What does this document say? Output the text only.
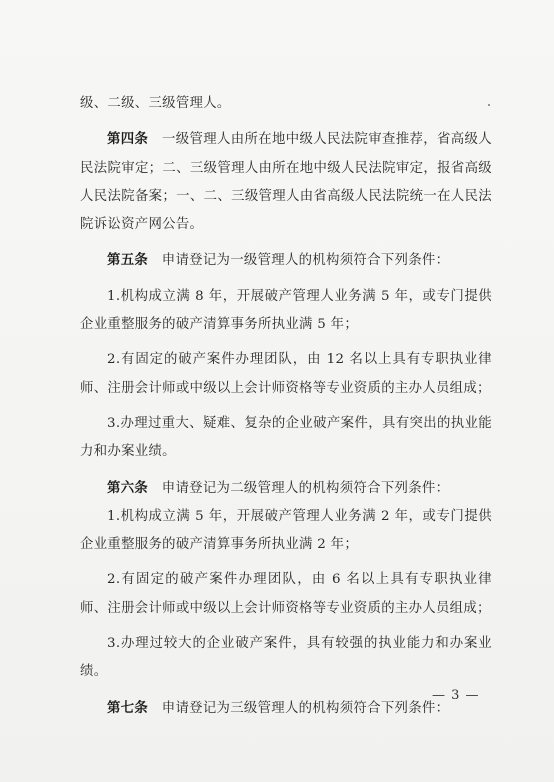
级、二级、三级管理人。

第四条　一级管理人由所在地中级人民法院审查推荐，省高级人民法院审定；二、三级管理人由所在地中级人民法院审定，报省高级人民法院备案；一、二、三级管理人由省高级人民法院统一在人民法院诉讼资产网公告。

第五条　申请登记为一级管理人的机构须符合下列条件：

1.机构成立满 8 年，开展破产管理人业务满 5 年，或专门提供企业重整服务的破产清算事务所执业满 5 年；

2.有固定的破产案件办理团队，由 12 名以上具有专职执业律师、注册会计师或中级以上会计师资格等专业资质的主办人员组成；

3.办理过重大、疑难、复杂的企业破产案件，具有突出的执业能力和办案业绩。

第六条　申请登记为二级管理人的机构须符合下列条件：

1.机构成立满 5 年，开展破产管理人业务满 2 年，或专门提供企业重整服务的破产清算事务所执业满 2 年；

2.有固定的破产案件办理团队，由 6 名以上具有专职执业律师、注册会计师或中级以上会计师资格等专业资质的主办人员组成；

3.办理过较大的企业破产案件，具有较强的执业能力和办案业绩。

第七条　申请登记为三级管理人的机构须符合下列条件：

— 3 —
